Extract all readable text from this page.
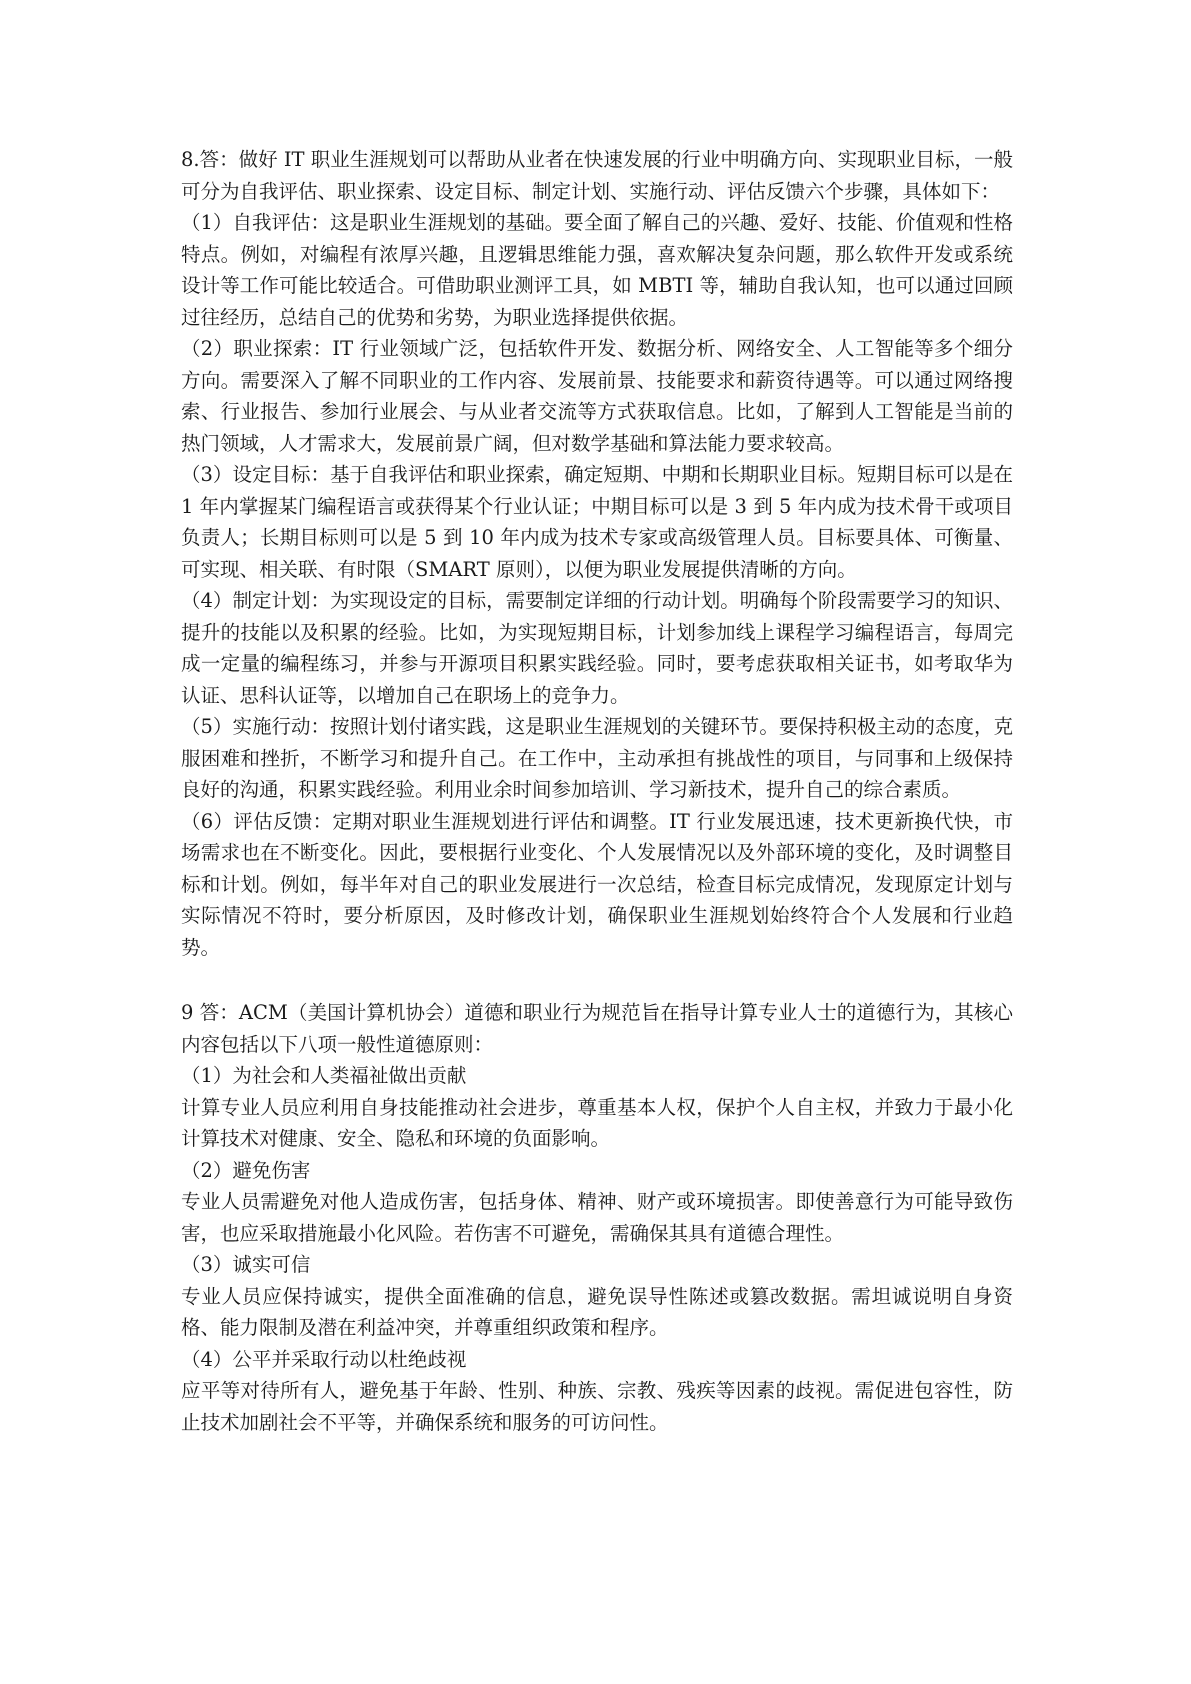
8.答：做好 IT 职业生涯规划可以帮助从业者在快速发展的行业中明确方向、实现职业目标，一般可分为自我评估、职业探索、设定目标、制定计划、实施行动、评估反馈六个步骤，具体如下：

（1）自我评估：这是职业生涯规划的基础。要全面了解自己的兴趣、爱好、技能、价值观和性格特点。例如，对编程有浓厚兴趣，且逻辑思维能力强，喜欢解决复杂问题，那么软件开发或系统设计等工作可能比较适合。可借助职业测评工具，如 MBTI 等，辅助自我认知，也可以通过回顾过往经历，总结自己的优势和劣势，为职业选择提供依据。

（2）职业探索：IT 行业领域广泛，包括软件开发、数据分析、网络安全、人工智能等多个细分方向。需要深入了解不同职业的工作内容、发展前景、技能要求和薪资待遇等。可以通过网络搜索、行业报告、参加行业展会、与从业者交流等方式获取信息。比如，了解到人工智能是当前的热门领域，人才需求大，发展前景广阔，但对数学基础和算法能力要求较高。

（3）设定目标：基于自我评估和职业探索，确定短期、中期和长期职业目标。短期目标可以是在 1 年内掌握某门编程语言或获得某个行业认证；中期目标可以是 3 到 5 年内成为技术骨干或项目负责人；长期目标则可以是 5 到 10 年内成为技术专家或高级管理人员。目标要具体、可衡量、可实现、相关联、有时限（SMART 原则），以便为职业发展提供清晰的方向。

（4）制定计划：为实现设定的目标，需要制定详细的行动计划。明确每个阶段需要学习的知识、提升的技能以及积累的经验。比如，为实现短期目标，计划参加线上课程学习编程语言，每周完成一定量的编程练习，并参与开源项目积累实践经验。同时，要考虑获取相关证书，如考取华为认证、思科认证等，以增加自己在职场上的竞争力。

（5）实施行动：按照计划付诸实践，这是职业生涯规划的关键环节。要保持积极主动的态度，克服困难和挫折，不断学习和提升自己。在工作中，主动承担有挑战性的项目，与同事和上级保持良好的沟通，积累实践经验。利用业余时间参加培训、学习新技术，提升自己的综合素质。

（6）评估反馈：定期对职业生涯规划进行评估和调整。IT 行业发展迅速，技术更新换代快，市场需求也在不断变化。因此，要根据行业变化、个人发展情况以及外部环境的变化，及时调整目标和计划。例如，每半年对自己的职业发展进行一次总结，检查目标完成情况，发现原定计划与实际情况不符时，要分析原因，及时修改计划，确保职业生涯规划始终符合个人发展和行业趋势。

9 答：ACM（美国计算机协会）道德和职业行为规范旨在指导计算专业人士的道德行为，其核心内容包括以下八项一般性道德原则：

（1）为社会和人类福祉做出贡献

计算专业人员应利用自身技能推动社会进步，尊重基本人权，保护个人自主权，并致力于最小化计算技术对健康、安全、隐私和环境的负面影响。

（2）避免伤害

专业人员需避免对他人造成伤害，包括身体、精神、财产或环境损害。即使善意行为可能导致伤害，也应采取措施最小化风险。若伤害不可避免，需确保其具有道德合理性。

（3）诚实可信

专业人员应保持诚实，提供全面准确的信息，避免误导性陈述或篡改数据。需坦诚说明自身资格、能力限制及潜在利益冲突，并尊重组织政策和程序。

（4）公平并采取行动以杜绝歧视

应平等对待所有人，避免基于年龄、性别、种族、宗教、残疾等因素的歧视。需促进包容性，防止技术加剧社会不平等，并确保系统和服务的可访问性。
